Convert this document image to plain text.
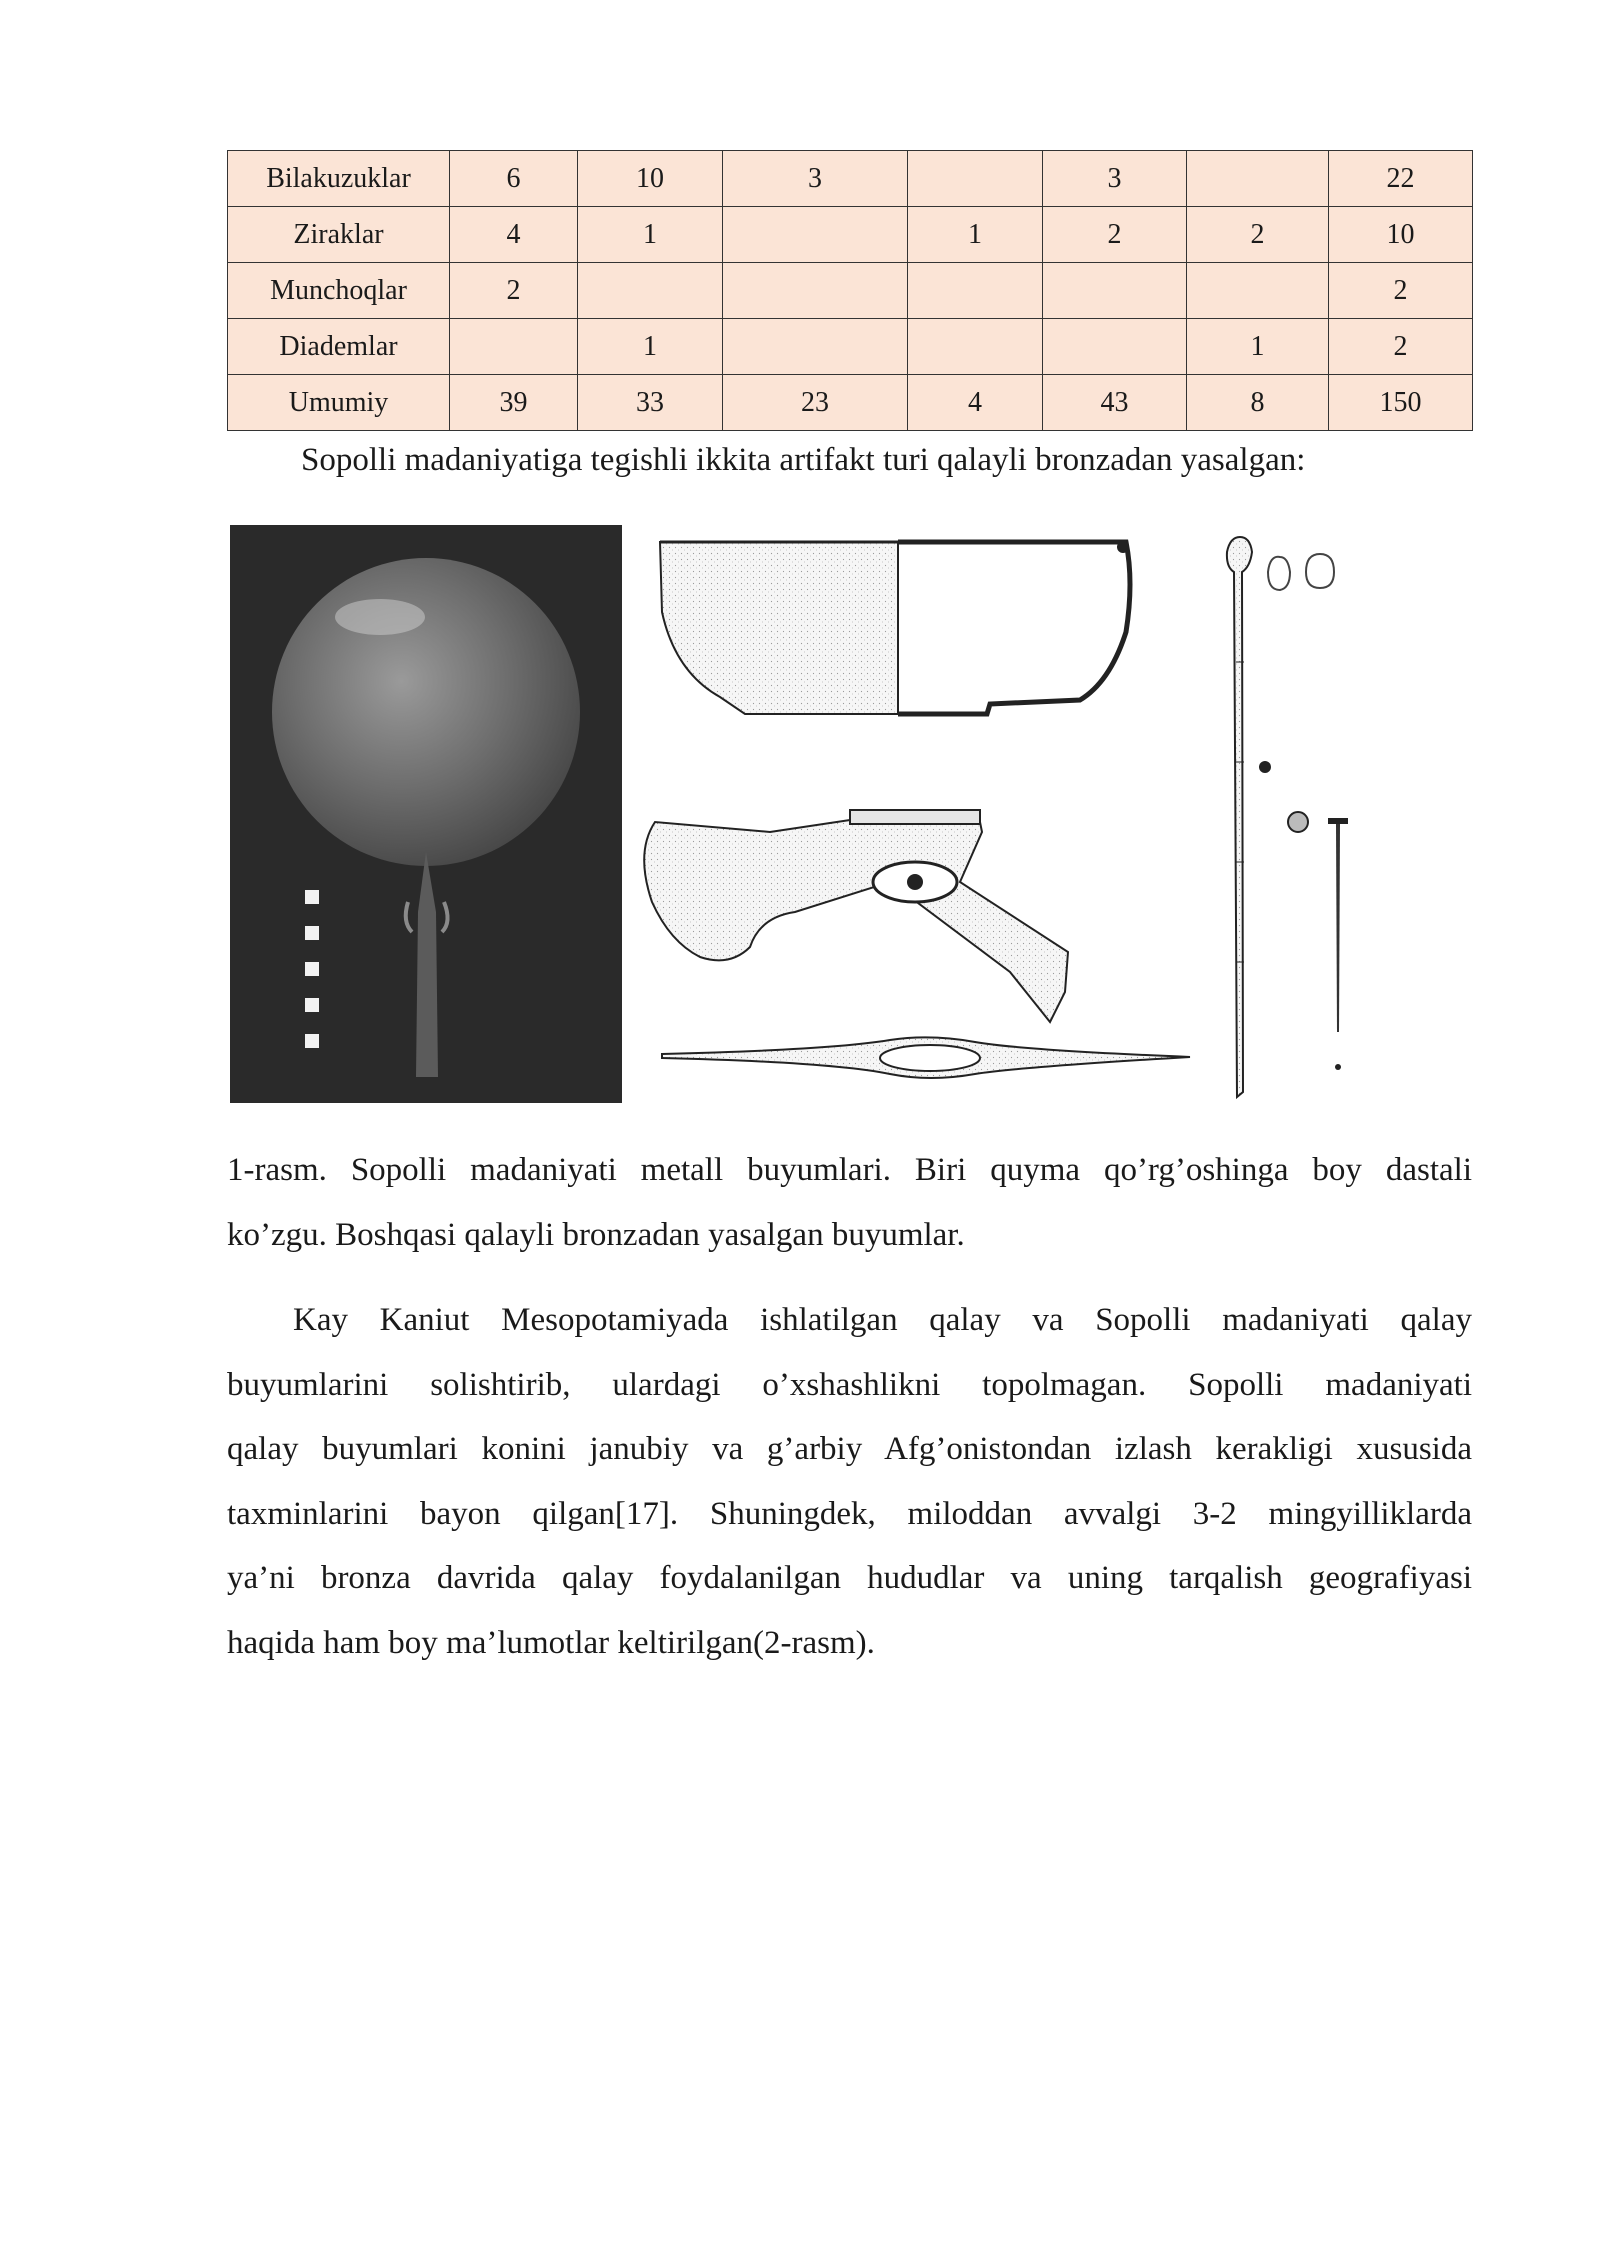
Bilakuzuklar	6	10	3		3		22
Ziraklar	4	1		1	2	2	10
Munchoqlar	2						2
Diademlar		1				1	2
Umumiy	39	33	23	4	43	8	150
Sopolli madaniyatiga tegishli ikkita artifakt turi qalayli bronzadan yasalgan:
1-rasm. Sopolli madaniyati metall buyumlari. Biri quyma qo’rg’oshinga boy dastali
ko’zgu. Boshqasi qalayli bronzadan yasalgan buyumlar.
Kay Kaniut Mesopotamiyada ishlatilgan qalay va Sopolli madaniyati qalay
buyumlarini solishtirib, ulardagi o’xshashlikni topolmagan. Sopolli madaniyati
qalay buyumlari konini janubiy va g’arbiy Afg’onistondan izlash kerakligi xususida
taxminlarini bayon qilgan[17]. Shuningdek, miloddan avvalgi 3-2 mingyilliklarda
ya’ni bronza davrida qalay foydalanilgan hududlar va uning tarqalish geografiyasi
haqida ham boy ma’lumotlar keltirilgan(2-rasm).
